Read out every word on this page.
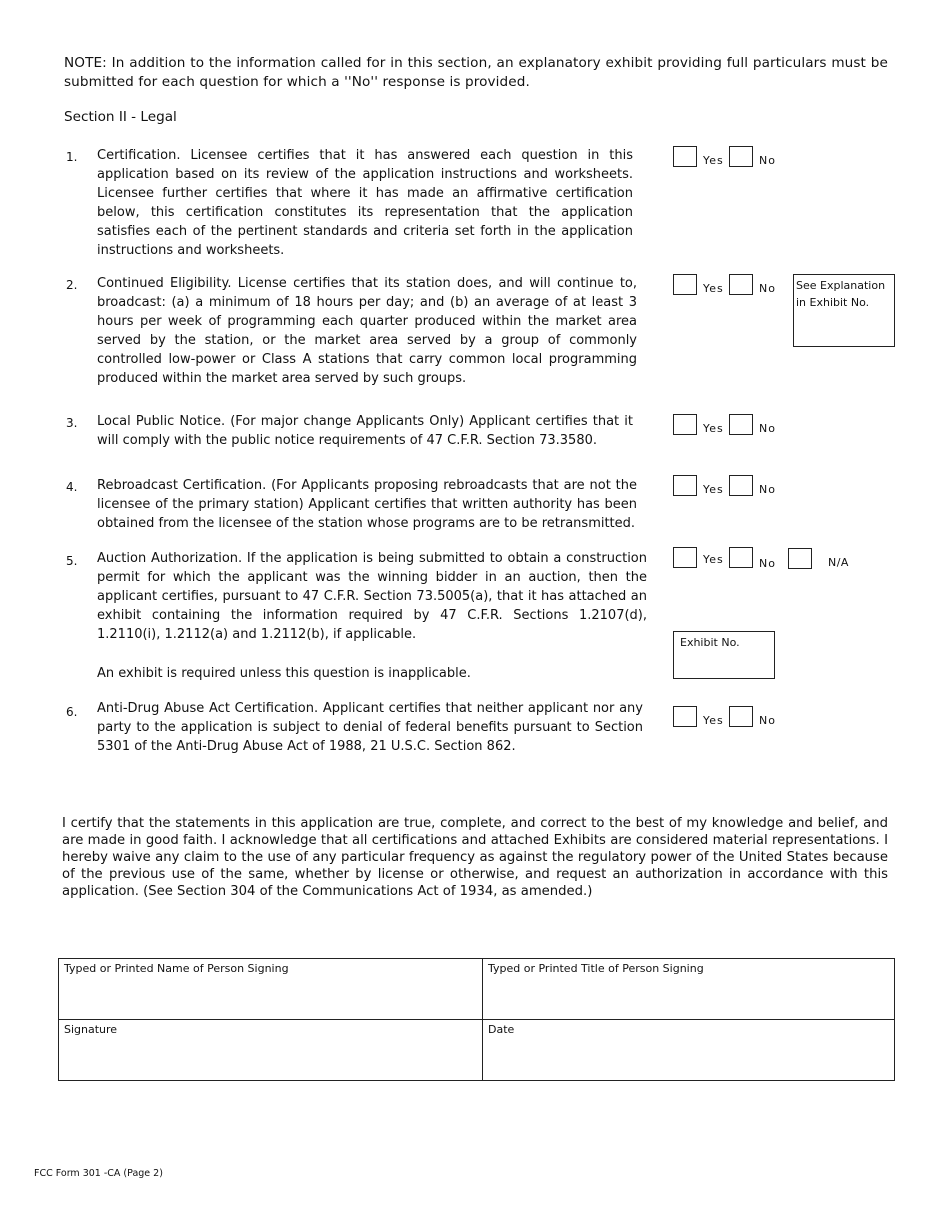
NOTE: In addition to the information called for in this section, an explanatory exhibit providing full particulars must be submitted for each question for which a ''No'' response is provided.
Section II - Legal
1. Certification. Licensee certifies that it has answered each question in this application based on its review of the application instructions and worksheets. Licensee further certifies that where it has made an affirmative certification below, this certification constitutes its representation that the application satisfies each of the pertinent standards and criteria set forth in the application instructions and worksheets.
Yes	No
2. Continued Eligibility. License certifies that its station does, and will continue to, broadcast: (a) a minimum of 18 hours per day; and (b) an average of at least 3 hours per week of programming each quarter produced within the market area served by the station, or the market area served by a group of commonly controlled low-power or Class A stations that carry common local programming produced within the market area served by such groups.
Yes	No See Explanation
in Exhibit No.
3. Local Public Notice. (For major change Applicants Only) Applicant certifies that it will comply with the public notice requirements of 47 C.F.R. Section 73.3580.
Yes	No
4. Rebroadcast Certification. (For Applicants proposing rebroadcasts that are not the licensee of the primary station) Applicant certifies that written authority has been obtained from the licensee of the station whose programs are to be retransmitted.
Yes	No
5. Auction Authorization. If the application is being submitted to obtain a construction permit for which the applicant was the winning bidder in an auction, then the applicant certifies, pursuant to 47 C.F.R. Section 73.5005(a), that it has attached an exhibit containing the information required by 47 C.F.R. Sections 1.2107(d), 1.2110(i), 1.2112(a) and 1.2112(b), if applicable.
An exhibit is required unless this question is inapplicable.
Yes	No	N/A
Exhibit No.
6. Anti-Drug Abuse Act Certification. Applicant certifies that neither applicant nor any party to the application is subject to denial of federal benefits pursuant to Section 5301 of the Anti-Drug Abuse Act of 1988, 21 U.S.C. Section 862.
Yes	No
I certify that the statements in this application are true, complete, and correct to the best of my knowledge and belief, and are made in good faith. I acknowledge that all certifications and attached Exhibits are considered material representations. I hereby waive any claim to the use of any particular frequency as against the regulatory power of the United States because of the previous use of the same, whether by license or otherwise, and request an authorization in accordance with this application. (See Section 304 of the Communications Act of 1934, as amended.)
Typed or Printed Name of Person Signing	Typed or Printed Title of Person Signing
Signature	Date
FCC Form 301 -CA (Page 2)
